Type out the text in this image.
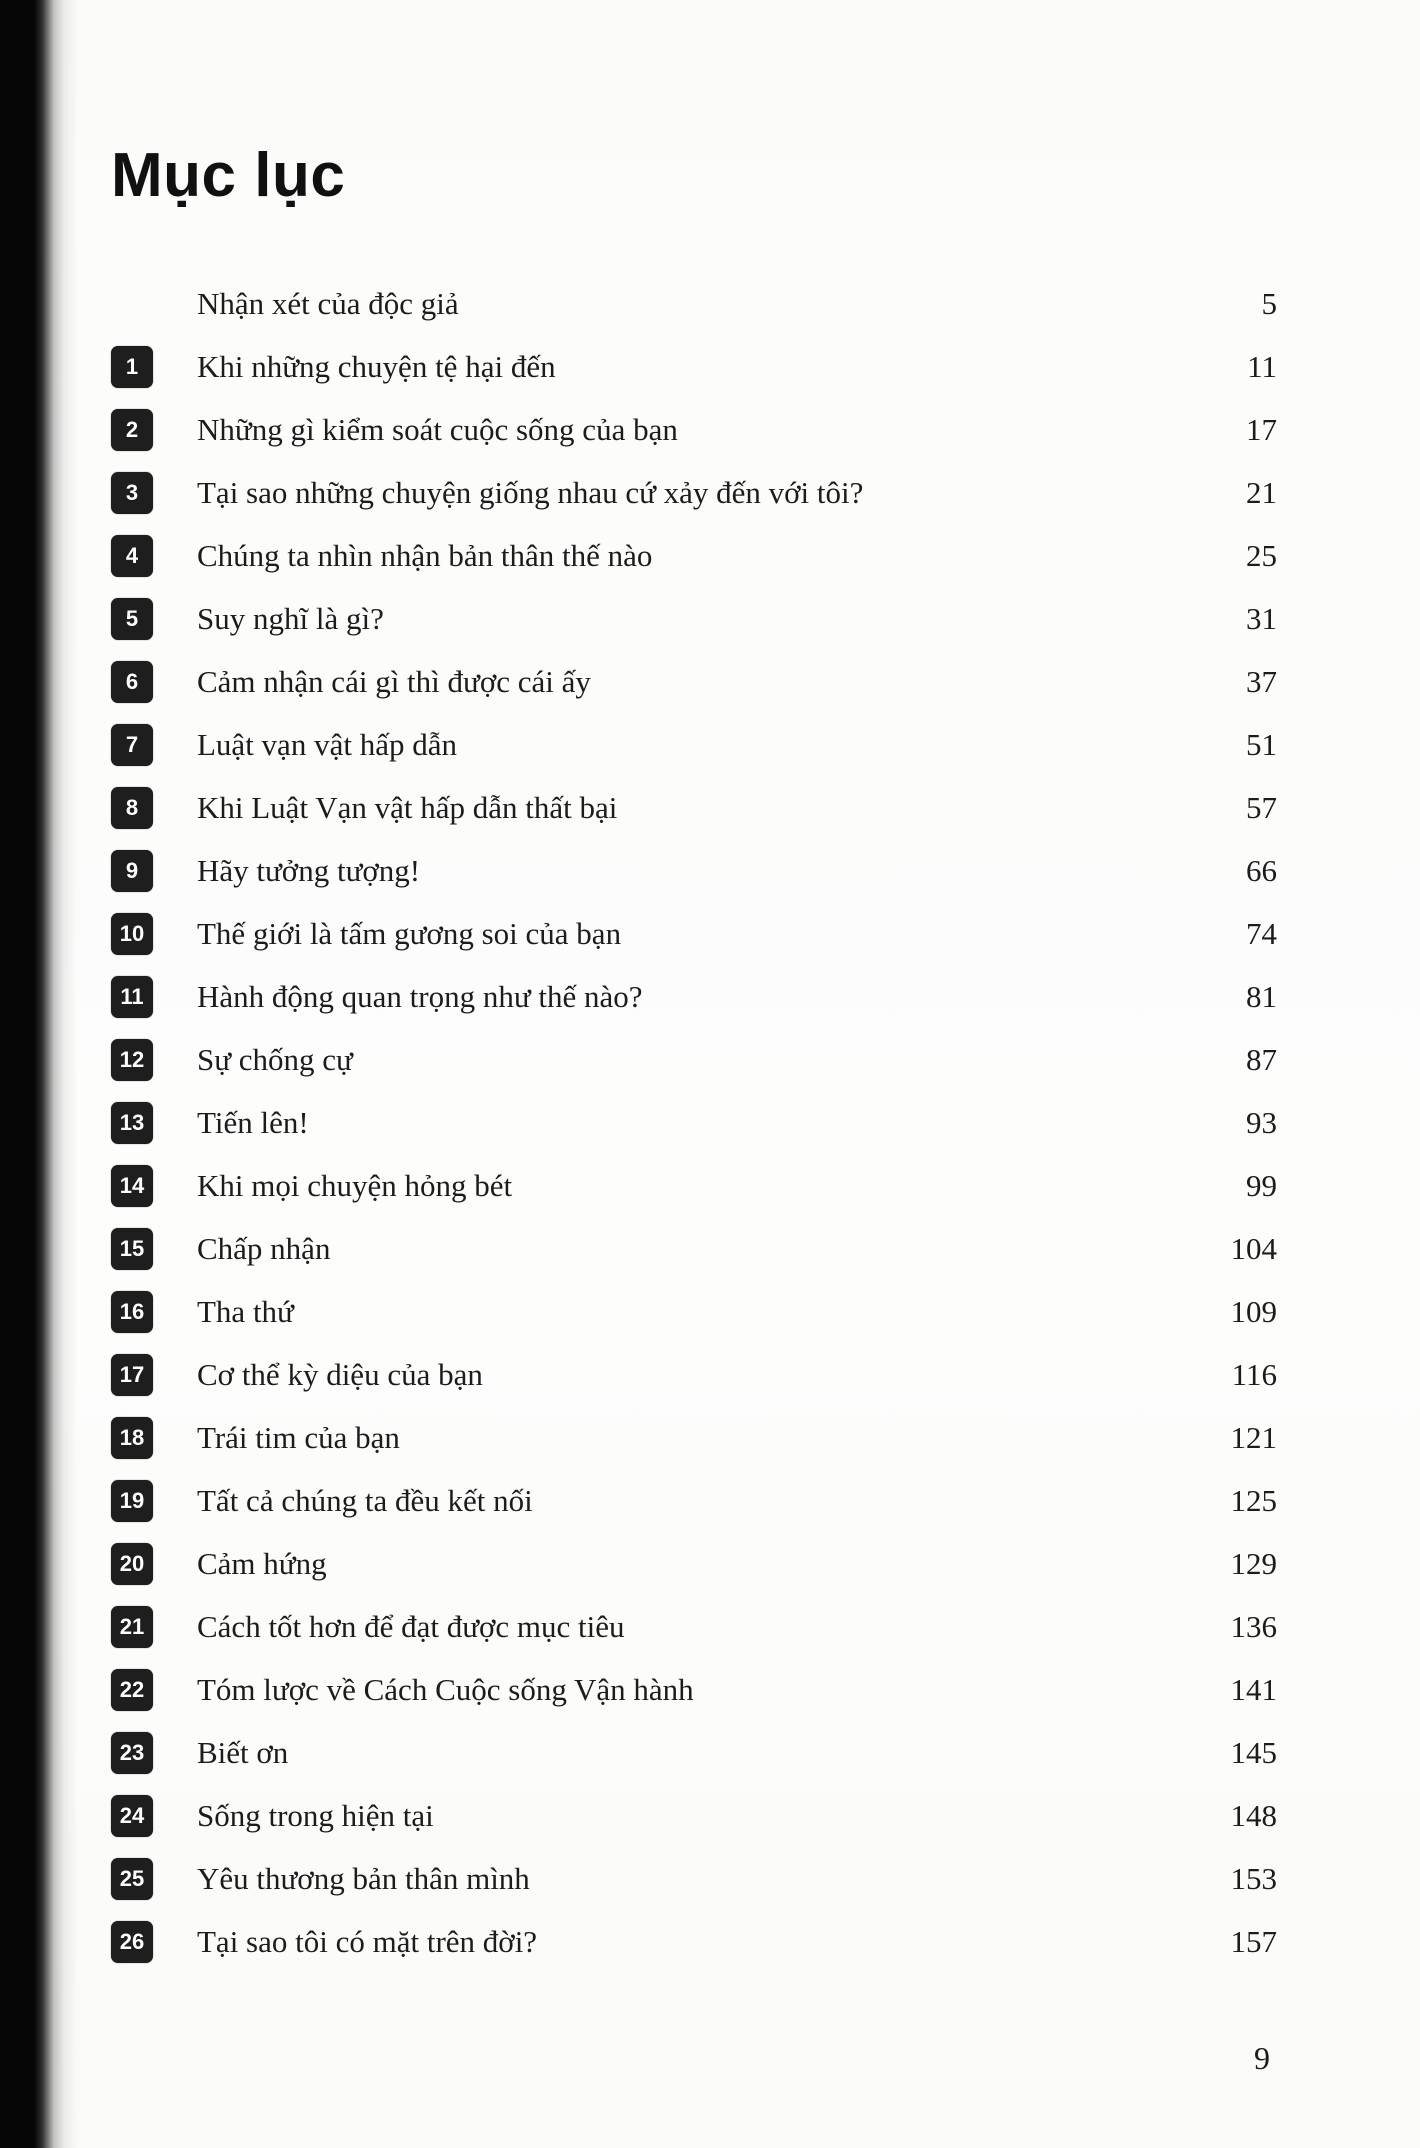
Mục lục
Nhận xét của độc giả	5
1	Khi những chuyện tệ hại đến	11
2	Những gì kiểm soát cuộc sống của bạn	17
3	Tại sao những chuyện giống nhau cứ xảy đến với tôi?	21
4	Chúng ta nhìn nhận bản thân thế nào	25
5	Suy nghĩ là gì?	31
6	Cảm nhận cái gì thì được cái ấy	37
7	Luật vạn vật hấp dẫn	51
8	Khi Luật Vạn vật hấp dẫn thất bại	57
9	Hãy tưởng tượng!	66
10 Thế giới là tấm gương soi của bạn	74
11	Hành động quan trọng như thế nào?	81
12 Sự chống cự	87
13 Tiến lên!	93
14 Khi mọi chuyện hỏng bét	99
15 Chấp nhận	104
16 Tha thứ	109
17 Cơ thể kỳ diệu của bạn	116
18 Trái tim của bạn	121
19 Tất cả chúng ta đều kết nối	125
20 Cảm hứng	129
21 Cách tốt hơn để đạt được mục tiêu	136
22 Tóm lược về Cách Cuộc sống Vận hành	141
23 Biết ơn	145
24 Sống trong hiện tại	148
25 Yêu thương bản thân mình	153
26 Tại sao tôi có mặt trên đời?	157
9
